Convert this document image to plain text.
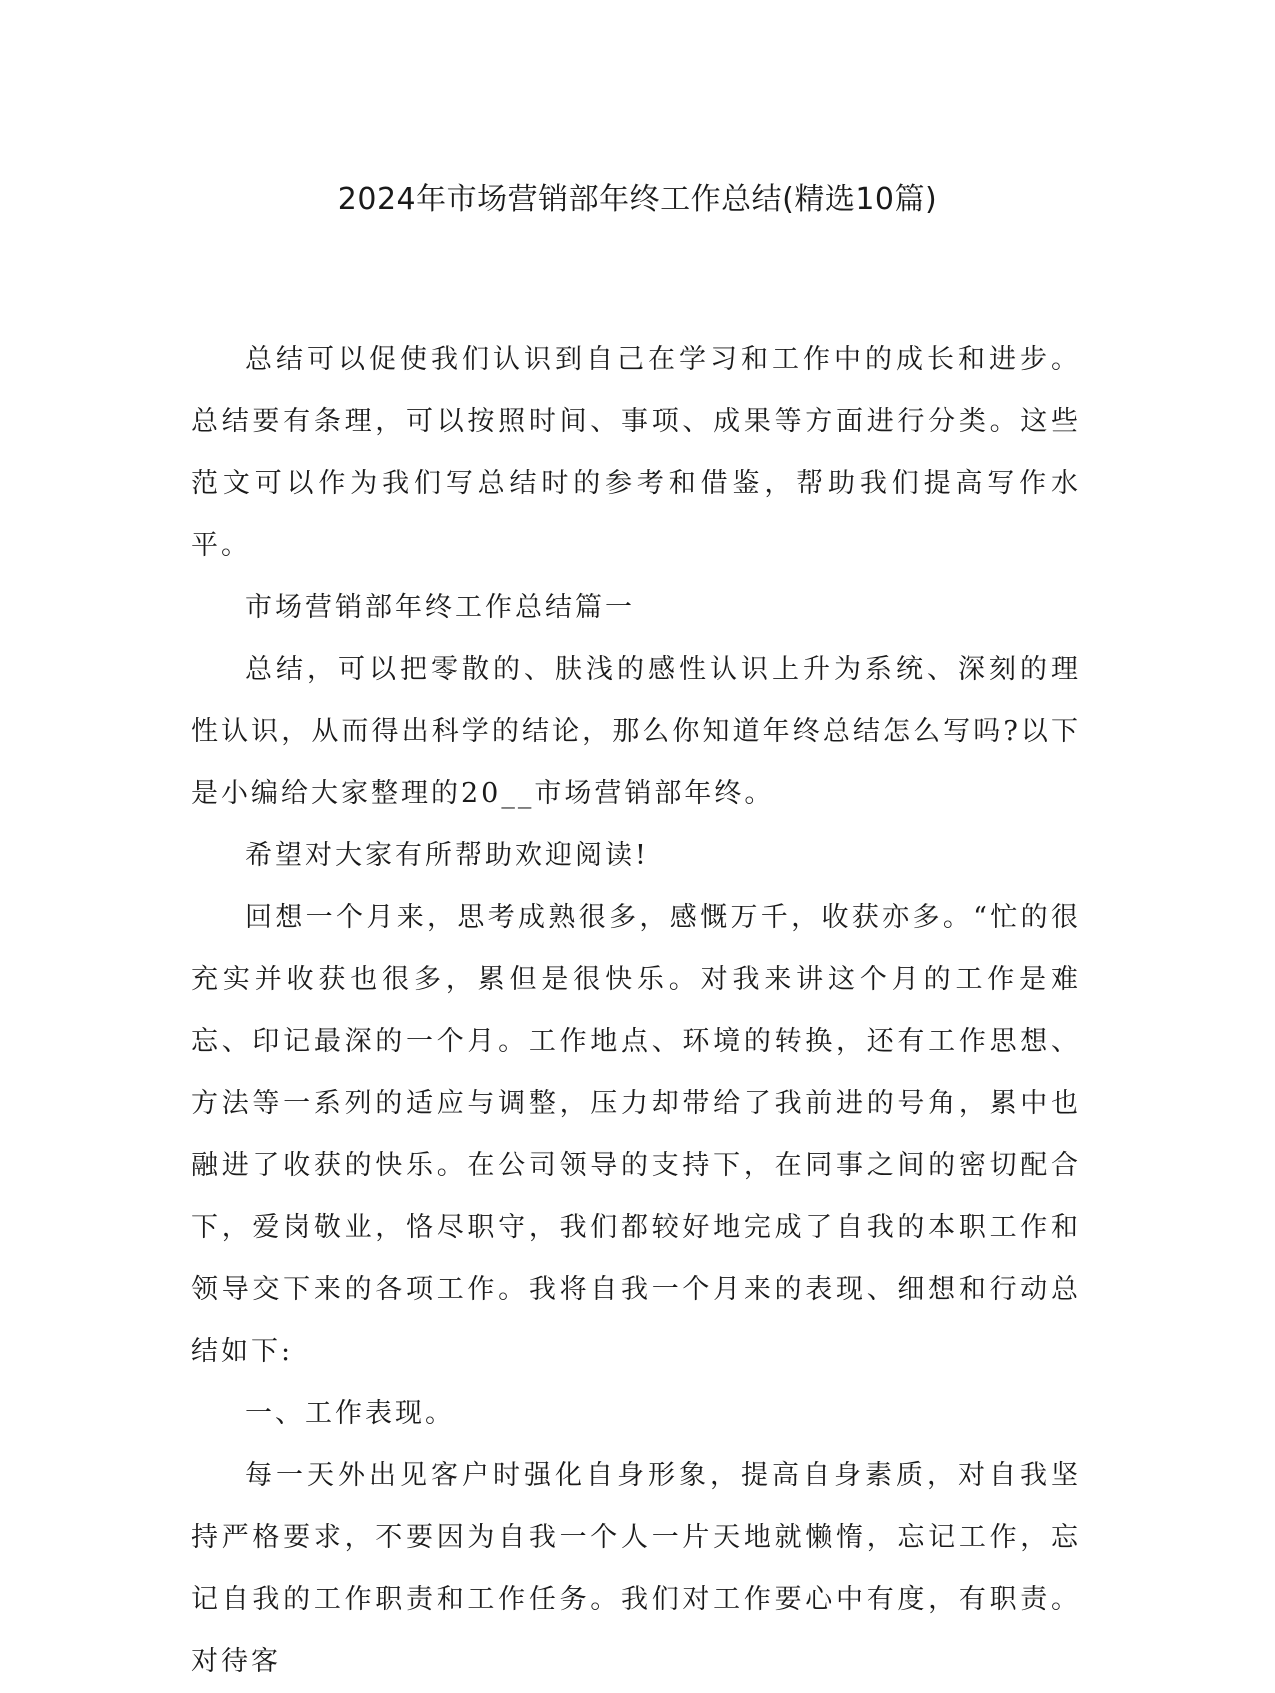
2024年市场营销部年终工作总结(精选10篇)

总结可以促使我们认识到自己在学习和工作中的成长和进步。总结要有条理，可以按照时间、事项、成果等方面进行分类。这些范文可以作为我们写总结时的参考和借鉴，帮助我们提高写作水平。

市场营销部年终工作总结篇一

总结，可以把零散的、肤浅的感性认识上升为系统、深刻的理性认识，从而得出科学的结论，那么你知道年终总结怎么写吗?以下是小编给大家整理的20__市场营销部年终。

希望对大家有所帮助欢迎阅读!

回想一个月来，思考成熟很多，感慨万千，收获亦多。“忙的很充实并收获也很多，累但是很快乐。对我来讲这个月的工作是难忘、印记最深的一个月。工作地点、环境的转换，还有工作思想、方法等一系列的适应与调整，压力却带给了我前进的号角，累中也融进了收获的快乐。在公司领导的支持下，在同事之间的密切配合下，爱岗敬业，恪尽职守，我们都较好地完成了自我的本职工作和领导交下来的各项工作。我将自我一个月来的表现、细想和行动总结如下:

一、工作表现。

每一天外出见客户时强化自身形象，提高自身素质，对自我坚持严格要求，不要因为自我一个人一片天地就懒惰，忘记工作，忘记自我的工作职责和工作任务。我们对工作要心中有度，有职责。对待客
